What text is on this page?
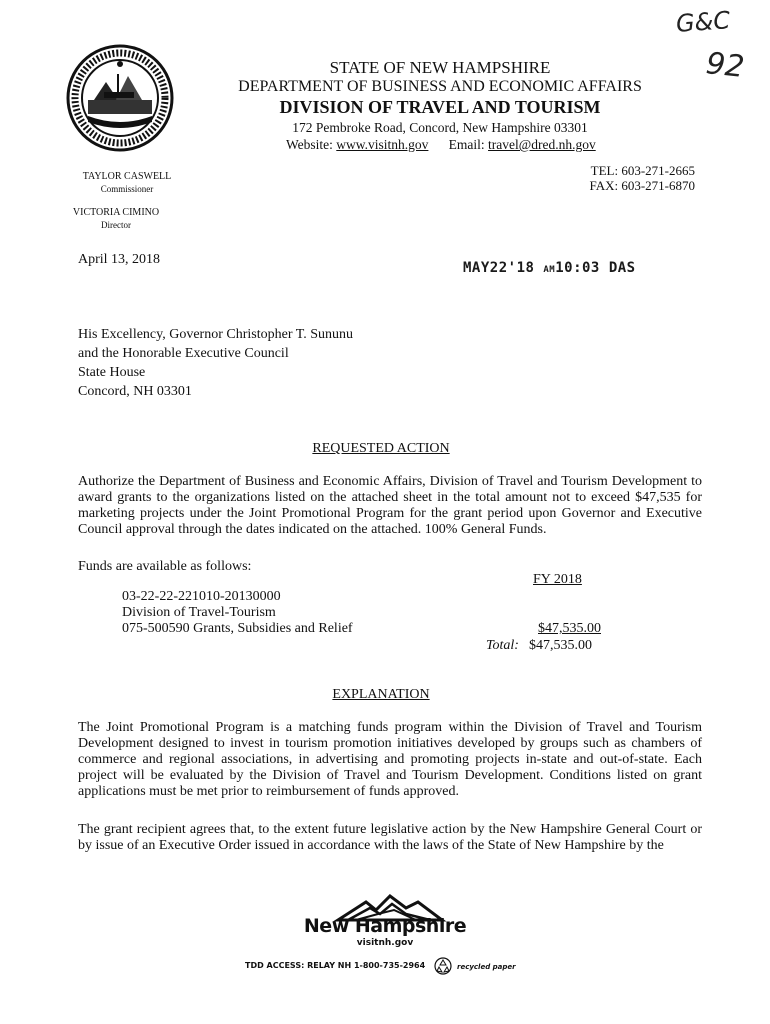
G&C
92
STATE OF NEW HAMPSHIRE
DEPARTMENT OF BUSINESS AND ECONOMIC AFFAIRS
DIVISION OF TRAVEL AND TOURISM
172 Pembroke Road, Concord, New Hampshire 03301
Website: www.visitnh.gov Email: travel@dred.nh.gov
TEL: 603-271-2665
FAX: 603-271-6870
TAYLOR CASWELL
Commissioner
VICTORIA CIMINO
Director
April 13, 2018
MAY22'18 AM10:03 DAS
His Excellency, Governor Christopher T. Sununu
and the Honorable Executive Council
State House
Concord, NH 03301
REQUESTED ACTION
Authorize the Department of Business and Economic Affairs, Division of Travel and Tourism Development to award grants to the organizations listed on the attached sheet in the total amount not to exceed $47,535 for marketing projects under the Joint Promotional Program for the grant period upon Governor and Executive Council approval through the dates indicated on the attached. 100% General Funds.
Funds are available as follows:
FY 2018
03-22-22-221010-20130000
Division of Travel-Tourism
075-500590 Grants, Subsidies and Relief	$47,535.00
Total: $47,535.00
EXPLANATION
The Joint Promotional Program is a matching funds program within the Division of Travel and Tourism Development designed to invest in tourism promotion initiatives developed by groups such as chambers of commerce and regional associations, in advertising and promoting projects in-state and out-of-state. Each project will be evaluated by the Division of Travel and Tourism Development. Conditions listed on grant applications must be met prior to reimbursement of funds approved.
The grant recipient agrees that, to the extent future legislative action by the New Hampshire General Court or by issue of an Executive Order issued in accordance with the laws of the State of New Hampshire by the
New Hampshire
visitnh.gov
TDD ACCESS: RELAY NH 1-800-735-2964	recycled paper
